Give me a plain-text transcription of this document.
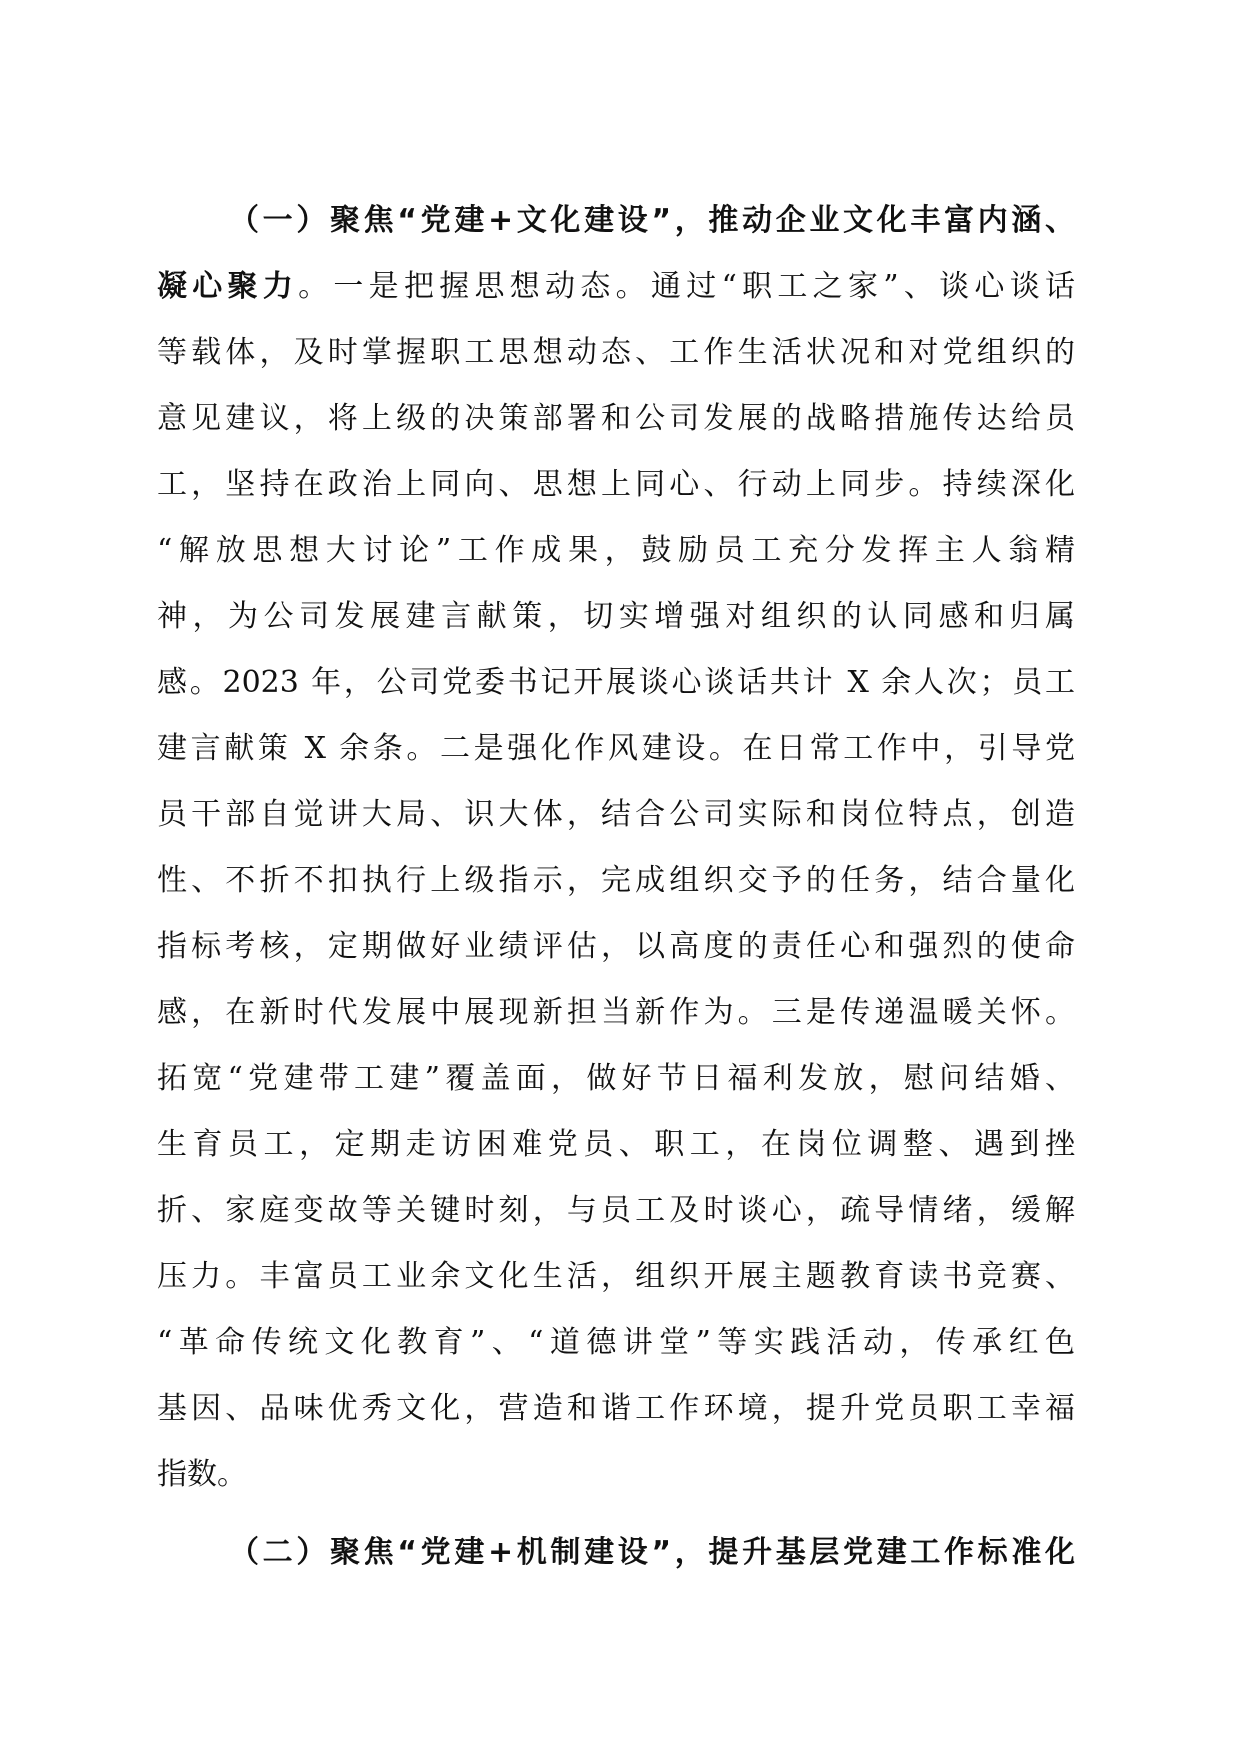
（一）聚焦“党建+文化建设”，推动企业文化丰富内涵、
凝心聚力。一是把握思想动态。通过“职工之家”、谈心谈话
等载体，及时掌握职工思想动态、工作生活状况和对党组织的
意见建议，将上级的决策部署和公司发展的战略措施传达给员
工，坚持在政治上同向、思想上同心、行动上同步。持续深化
“解放思想大讨论”工作成果，鼓励员工充分发挥主人翁精
神，为公司发展建言献策，切实增强对组织的认同感和归属
感。2023 年，公司党委书记开展谈心谈话共计 X 余人次；员工
建言献策 X 余条。二是强化作风建设。在日常工作中，引导党
员干部自觉讲大局、识大体，结合公司实际和岗位特点，创造
性、不折不扣执行上级指示，完成组织交予的任务，结合量化
指标考核，定期做好业绩评估，以高度的责任心和强烈的使命
感，在新时代发展中展现新担当新作为。三是传递温暖关怀。
拓宽“党建带工建”覆盖面，做好节日福利发放，慰问结婚、
生育员工，定期走访困难党员、职工，在岗位调整、遇到挫
折、家庭变故等关键时刻，与员工及时谈心，疏导情绪，缓解
压力。丰富员工业余文化生活，组织开展主题教育读书竞赛、
“革命传统文化教育”、“道德讲堂”等实践活动，传承红色
基因、品味优秀文化，营造和谐工作环境，提升党员职工幸福
指数。
（二）聚焦“党建+机制建设”，提升基层党建工作标准化
